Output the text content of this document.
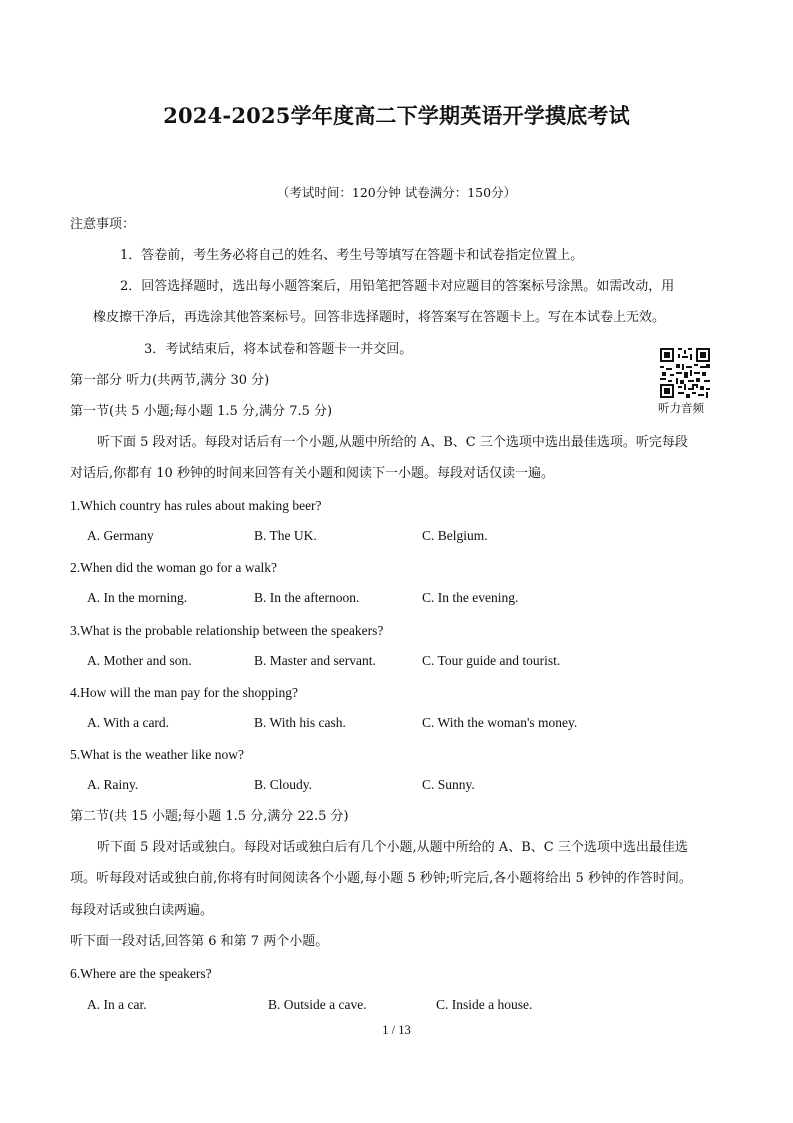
2024-2025学年度高二下学期英语开学摸底考试
（考试时间：120分钟 试卷满分：150分）
注意事项：
1．答卷前，考生务必将自己的姓名、考生号等填写在答题卡和试卷指定位置上。
2．回答选择题时，选出每小题答案后，用铅笔把答题卡对应题目的答案标号涂黑。如需改动，用
橡皮擦干净后，再选涂其他答案标号。回答非选择题时，将答案写在答题卡上。写在本试卷上无效。
3．考试结束后，将本试卷和答题卡一并交回。
听力音频
第一部分 听力(共两节,满分 30 分)
第一节(共 5 小题;每小题 1.5 分,满分 7.5 分)
听下面 5 段对话。每段对话后有一个小题,从题中所给的 A、B、C 三个选项中选出最佳选项。听完每段
对话后,你都有 10 秒钟的时间来回答有关小题和阅读下一小题。每段对话仅读一遍。
1.Which country has rules about making beer?
A. Germany	B. The UK.	C. Belgium.
2.When did the woman go for a walk?
A. In the morning.	B. In the afternoon.	C. In the evening.
3.What is the probable relationship between the speakers?
A. Mother and son.	B. Master and servant.	C. Tour guide and tourist.
4.How will the man pay for the shopping?
A. With a card.	B. With his cash.	C. With the woman's money.
5.What is the weather like now?
A. Rainy.	B. Cloudy.	C. Sunny.
第二节(共 15 小题;每小题 1.5 分,满分 22.5 分)
听下面 5 段对话或独白。每段对话或独白后有几个小题,从题中所给的 A、B、C 三个选项中选出最佳选
项。听每段对话或独白前,你将有时间阅读各个小题,每小题 5 秒钟;听完后,各小题将给出 5 秒钟的作答时间。
每段对话或独白读两遍。
听下面一段对话,回答第 6 和第 7 两个小题。
6.Where are the speakers?
A. In a car.	B. Outside a cave.	C. Inside a house.
1 / 13
